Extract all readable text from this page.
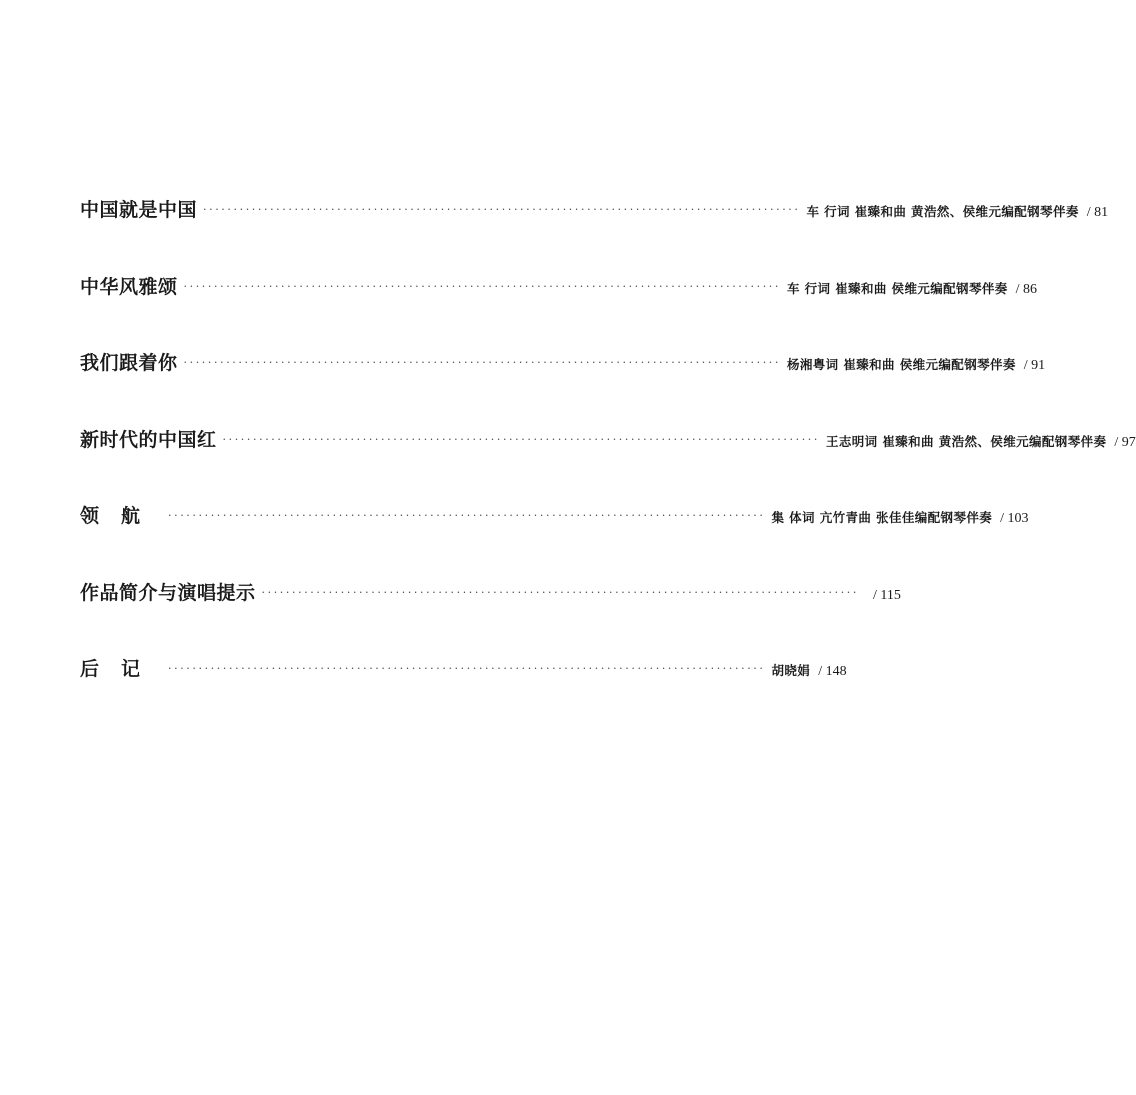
中国就是中国 ·································································································· 车 行词 崔臻和曲 黄浩然、侯维元编配钢琴伴奏 / 81
中华风雅颂 ·································································································· 车 行词 崔臻和曲 侯维元编配钢琴伴奏 / 86
我们跟着你 ·································································································· 杨湘粤词 崔臻和曲 侯维元编配钢琴伴奏 / 91
新时代的中国红 ·································································································· 王志明词 崔臻和曲 黄浩然、侯维元编配钢琴伴奏 / 97
领航 ·································································································· 集 体词 亢竹青曲 张佳佳编配钢琴伴奏 / 103
作品简介与演唱提示 ·································································································· / 115
后记 ·································································································· 胡晓娟 / 148
